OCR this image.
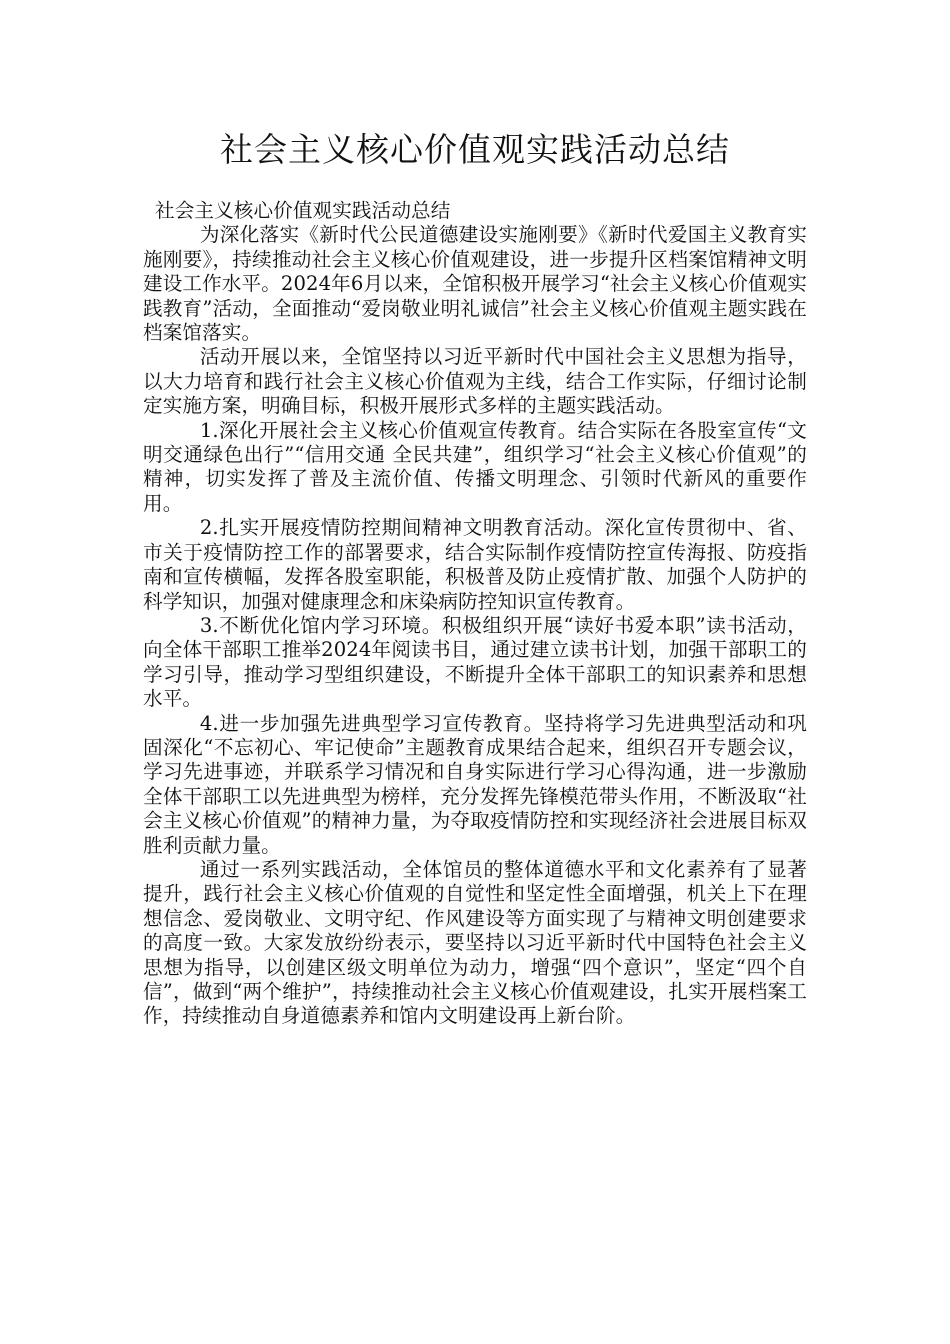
社会主义核心价值观实践活动总结

社会主义核心价值观实践活动总结

为深化落实《新时代公民道德建设实施刚要》《新时代爱国主义教育实施刚要》，持续推动社会主义核心价值观建设，进一步提升区档案馆精神文明建设工作水平。2024年6月以来，全馆积极开展学习“社会主义核心价值观实践教育”活动，全面推动“爱岗敬业明礼诚信”社会主义核心价值观主题实践在档案馆落实。

活动开展以来，全馆坚持以习近平新时代中国社会主义思想为指导，以大力培育和践行社会主义核心价值观为主线，结合工作实际，仔细讨论制定实施方案，明确目标，积极开展形式多样的主题实践活动。

1.深化开展社会主义核心价值观宣传教育。结合实际在各股室宣传“文明交通绿色出行”“信用交通 全民共建”，组织学习“社会主义核心价值观”的精神，切实发挥了普及主流价值、传播文明理念、引领时代新风的重要作用。

2.扎实开展疫情防控期间精神文明教育活动。深化宣传贯彻中、省、市关于疫情防控工作的部署要求，结合实际制作疫情防控宣传海报、防疫指南和宣传横幅，发挥各股室职能，积极普及防止疫情扩散、加强个人防护的科学知识，加强对健康理念和床染病防控知识宣传教育。

3.不断优化馆内学习环境。积极组织开展“读好书爱本职”读书活动，向全体干部职工推举2024年阅读书目，通过建立读书计划，加强干部职工的学习引导，推动学习型组织建设，不断提升全体干部职工的知识素养和思想水平。

4.进一步加强先进典型学习宣传教育。坚持将学习先进典型活动和巩固深化“不忘初心、牢记使命”主题教育成果结合起来，组织召开专题会议，学习先进事迹，并联系学习情况和自身实际进行学习心得沟通，进一步激励全体干部职工以先进典型为榜样，充分发挥先锋模范带头作用，不断汲取“社会主义核心价值观”的精神力量，为夺取疫情防控和实现经济社会进展目标双胜利贡献力量。

通过一系列实践活动，全体馆员的整体道德水平和文化素养有了显著提升，践行社会主义核心价值观的自觉性和坚定性全面增强，机关上下在理想信念、爱岗敬业、文明守纪、作风建设等方面实现了与精神文明创建要求的高度一致。大家发放纷纷表示，要坚持以习近平新时代中国特色社会主义思想为指导，以创建区级文明单位为动力，增强“四个意识”，坚定“四个自信”，做到“两个维护”，持续推动社会主义核心价值观建设，扎实开展档案工作，持续推动自身道德素养和馆内文明建设再上新台阶。
